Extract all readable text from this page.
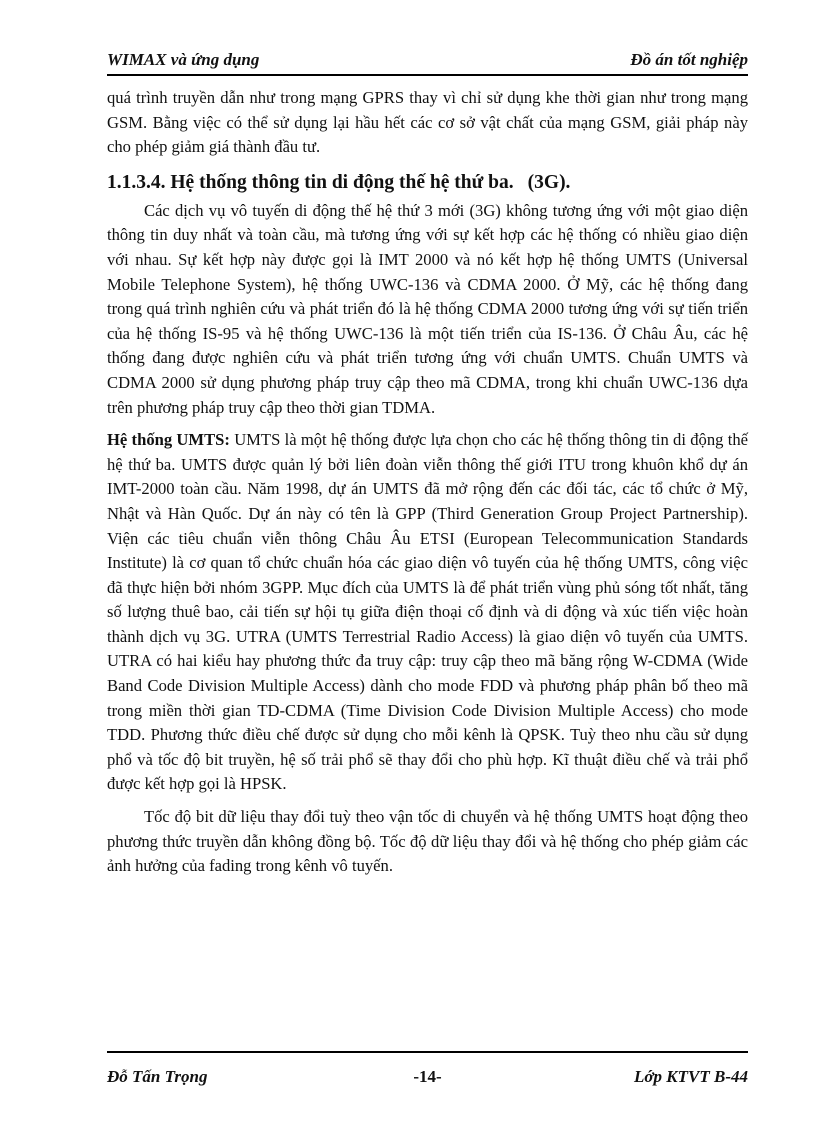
WIMAX và ứng dụng	Đồ án tốt nghiệp

quá trình truyền dẫn như trong mạng GPRS thay vì chỉ sử dụng khe thời gian như trong mạng GSM. Bằng việc có thể sử dụng lại hầu hết các cơ sở vật chất của mạng GSM, giải pháp này cho phép giảm giá thành đầu tư.

1.1.3.4. Hệ thống thông tin di động thế hệ thứ ba. (3G).

Các dịch vụ vô tuyến di động thế hệ thứ 3 mới (3G) không tương ứng với một giao diện thông tin duy nhất và toàn cầu, mà tương ứng với sự kết hợp các hệ thống có nhiều giao diện với nhau. Sự kết hợp này được gọi là IMT 2000 và nó kết hợp hệ thống UMTS (Universal Mobile Telephone System), hệ thống UWC-136 và CDMA 2000. Ở Mỹ, các hệ thống đang trong quá trình nghiên cứu và phát triển đó là hệ thống CDMA 2000 tương ứng với sự tiến triển của hệ thống IS-95 và hệ thống UWC-136 là một tiến triển của IS-136. Ở Châu Âu, các hệ thống đang được nghiên cứu và phát triển tương ứng với chuẩn UMTS. Chuẩn UMTS và CDMA 2000 sử dụng phương pháp truy cập theo mã CDMA, trong khi chuẩn UWC-136 dựa trên phương pháp truy cập theo thời gian TDMA.

Hệ thống UMTS: UMTS là một hệ thống được lựa chọn cho các hệ thống thông tin di động thế hệ thứ ba. UMTS được quản lý bởi liên đoàn viễn thông thế giới ITU trong khuôn khổ dự án IMT-2000 toàn cầu. Năm 1998, dự án UMTS đã mở rộng đến các đối tác, các tổ chức ở Mỹ, Nhật và Hàn Quốc. Dự án này có tên là GPP (Third Generation Group Project Partnership). Viện các tiêu chuẩn viễn thông Châu Âu ETSI (European Telecommunication Standards Institute) là cơ quan tổ chức chuẩn hóa các giao diện vô tuyến của hệ thống UMTS, công việc đã thực hiện bởi nhóm 3GPP. Mục đích của UMTS là để phát triển vùng phủ sóng tốt nhất, tăng số lượng thuê bao, cải tiến sự hội tụ giữa điện thoại cố định và di động và xúc tiến việc hoàn thành dịch vụ 3G. UTRA (UMTS Terrestrial Radio Access) là giao diện vô tuyến của UMTS. UTRA có hai kiểu hay phương thức đa truy cập: truy cập theo mã băng rộng W-CDMA (Wide Band Code Division Multiple Access) dành cho mode FDD và phương pháp phân bố theo mã trong miền thời gian TD-CDMA (Time Division Code Division Multiple Access) cho mode TDD. Phương thức điều chế được sử dụng cho mỗi kênh là QPSK. Tuỳ theo nhu cầu sử dụng phổ và tốc độ bit truyền, hệ số trải phổ sẽ thay đổi cho phù hợp. Kĩ thuật điều chế và trải phổ được kết hợp gọi là HPSK.

Tốc độ bit dữ liệu thay đổi tuỳ theo vận tốc di chuyển và hệ thống UMTS hoạt động theo phương thức truyền dẫn không đồng bộ. Tốc độ dữ liệu thay đổi và hệ thống cho phép giảm các ảnh hưởng của fading trong kênh vô tuyến.

Đỗ Tấn Trọng	-14-	Lớp KTVT B-44
